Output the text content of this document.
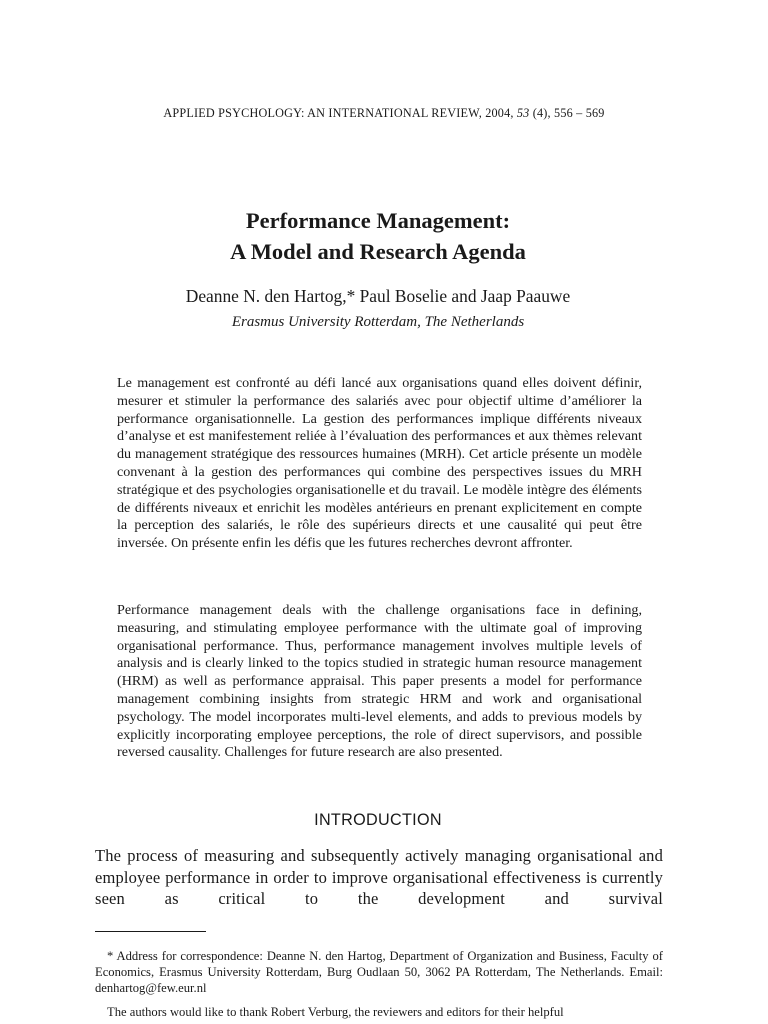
APPLIED PSYCHOLOGY: AN INTERNATIONAL REVIEW, 2004, 53 (4), 556 – 569
Performance Management:
A Model and Research Agenda
Deanne N. den Hartog,* Paul Boselie and Jaap Paauwe
Erasmus University Rotterdam, The Netherlands

Le management est confronté au défi lancé aux organisations quand elles doivent définir, mesurer et stimuler la performance des salariés avec pour objectif ultime d’améliorer la performance organisationnelle. La gestion des performances implique différents niveaux d’analyse et est manifestement reliée à l’évaluation des performances et aux thèmes relevant du management stratégique des ressources humaines (MRH). Cet article présente un modèle convenant à la gestion des performances qui combine des perspectives issues du MRH stratégique et des psychologies organisationelle et du travail. Le modèle intègre des éléments de différents niveaux et enrichit les modèles antérieurs en prenant explicitement en compte la perception des salariés, le rôle des supérieurs directs et une causalité qui peut être inversée. On présente enfin les défis que les futures recherches devront affronter.

Performance management deals with the challenge organisations face in defining, measuring, and stimulating employee performance with the ultimate goal of improving organisational performance. Thus, performance management involves multiple levels of analysis and is clearly linked to the topics studied in strategic human resource management (HRM) as well as performance appraisal. This paper presents a model for performance management combining insights from strategic HRM and work and organisational psychology. The model incorporates multi-level elements, and adds to previous models by explicitly incorporating employee perceptions, the role of direct supervisors, and possible reversed causality. Challenges for future research are also presented.

INTRODUCTION

The process of measuring and subsequently actively managing organisational and employee performance in order to improve organisational effectiveness is currently seen as critical to the development and survival

* Address for correspondence: Deanne N. den Hartog, Department of Organization and Business, Faculty of Economics, Erasmus University Rotterdam, Burg Oudlaan 50, 3062 PA Rotterdam, The Netherlands. Email: denhartog@few.eur.nl

The authors would like to thank Robert Verburg, the reviewers and editors for their helpful
